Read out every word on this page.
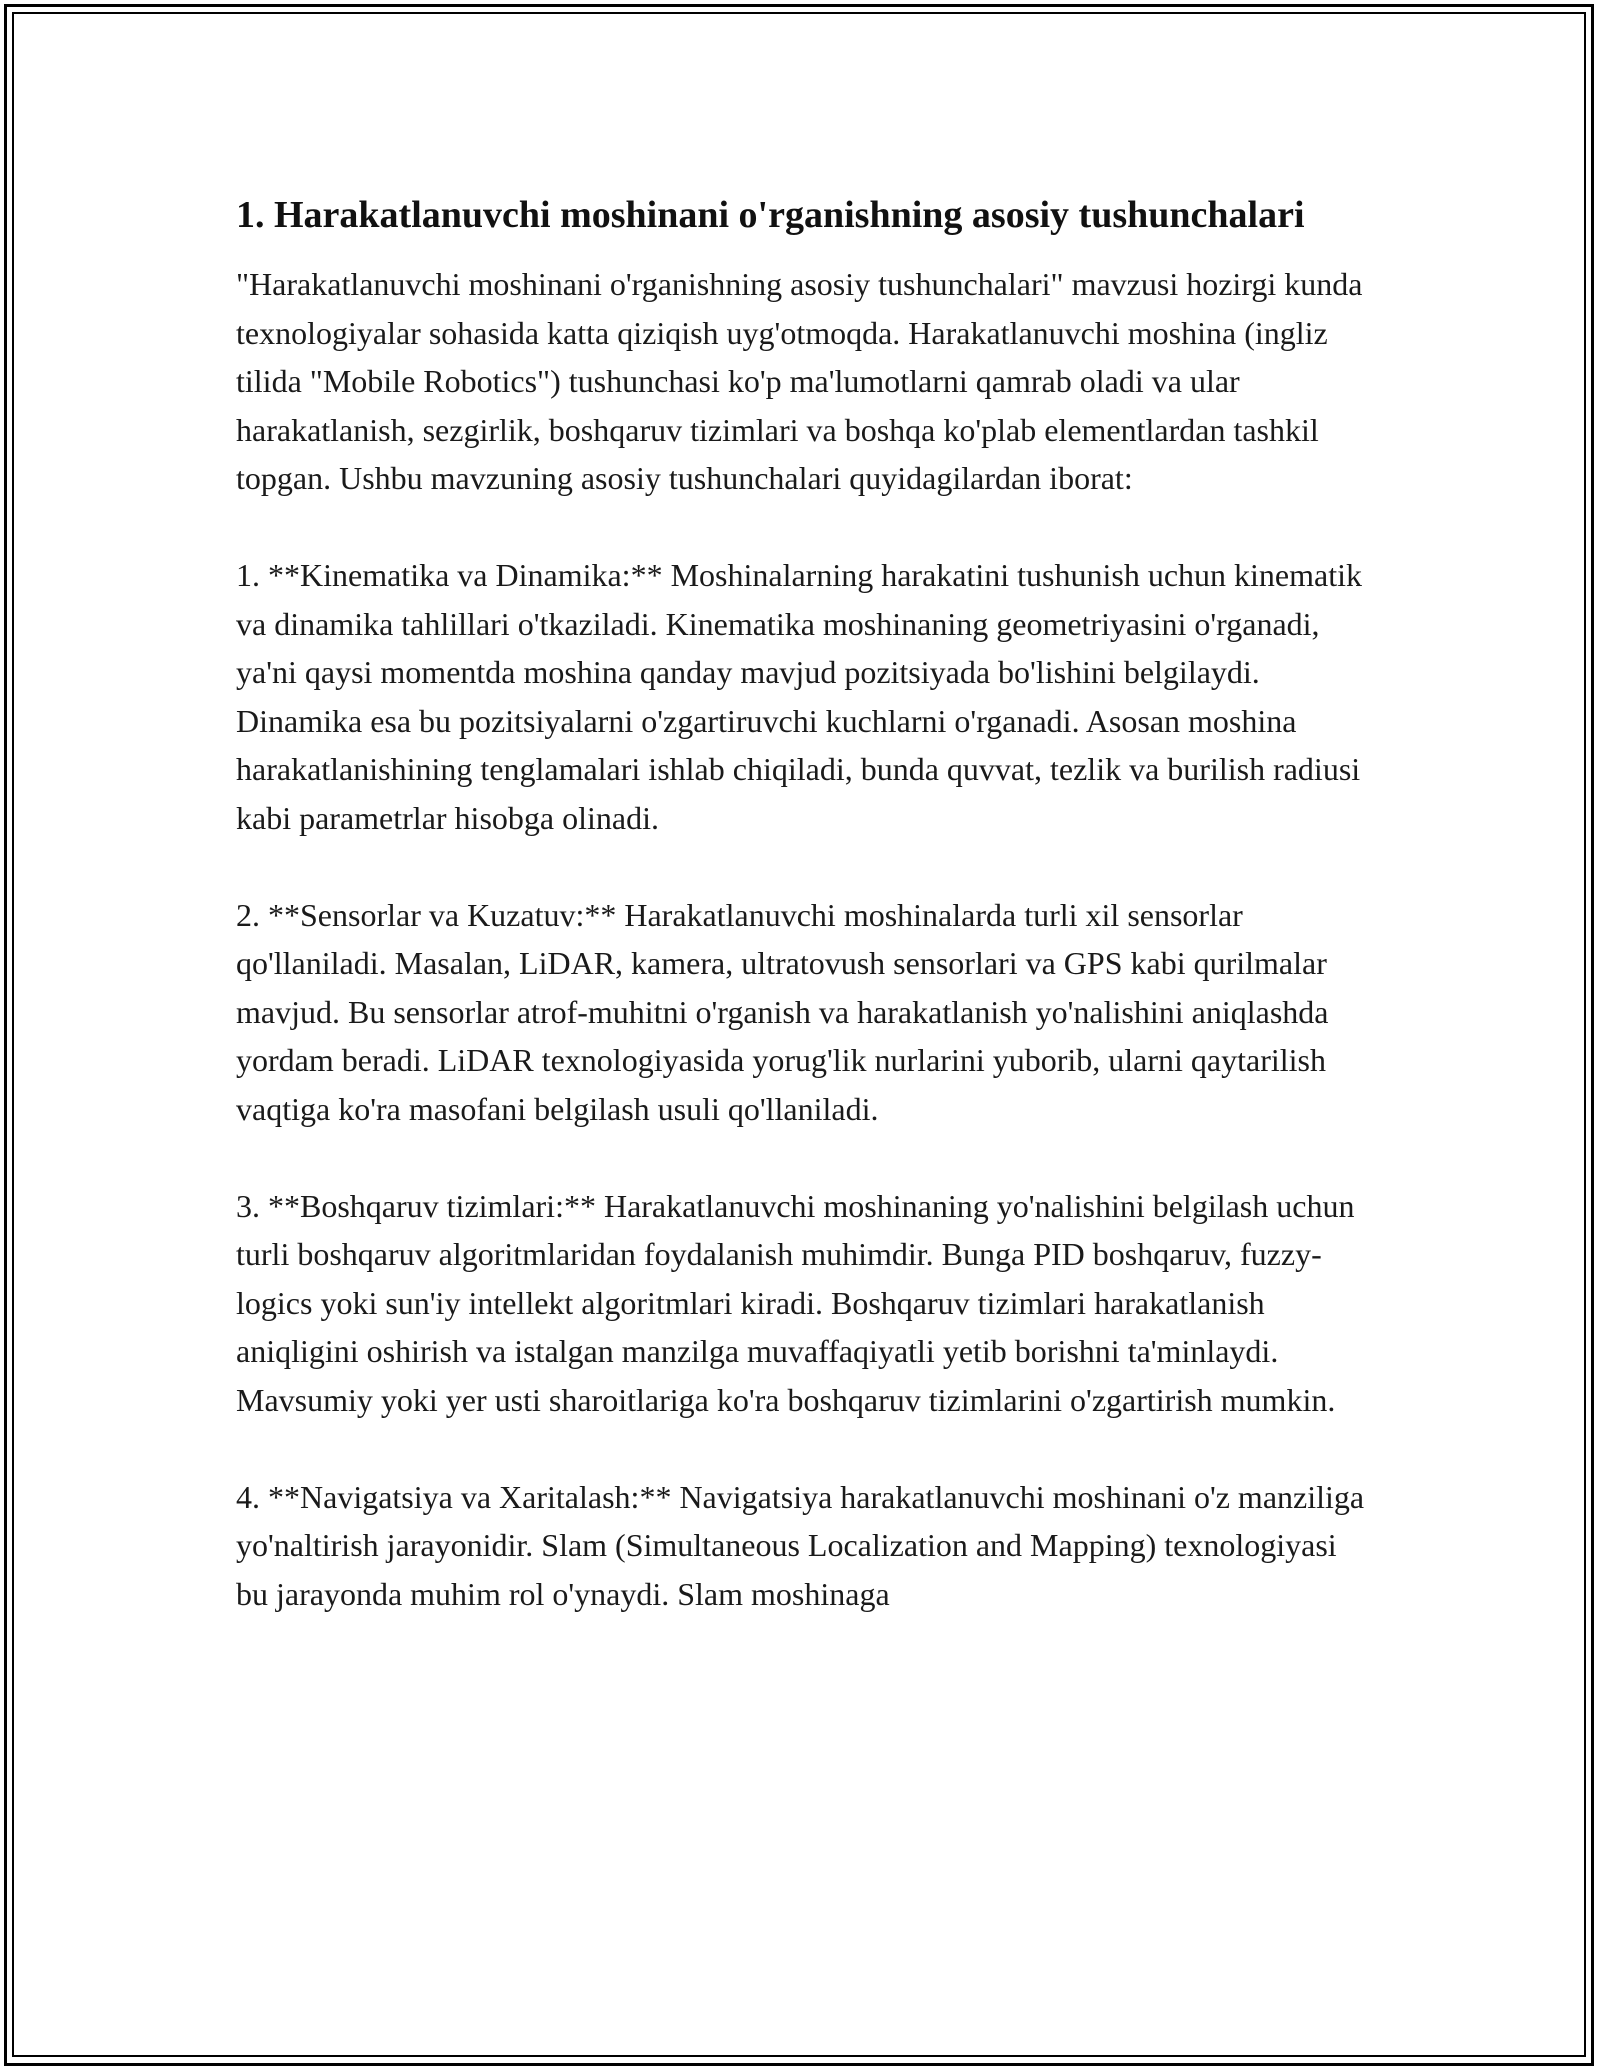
1. Harakatlanuvchi moshinani o'rganishning asosiy tushunchalari

"Harakatlanuvchi moshinani o'rganishning asosiy tushunchalari" mavzusi hozirgi kunda texnologiyalar sohasida katta qiziqish uyg'otmoqda. Harakatlanuvchi moshina (ingliz tilida "Mobile Robotics") tushunchasi ko'p ma'lumotlarni qamrab oladi va ular harakatlanish, sezgirlik, boshqaruv tizimlari va boshqa ko'plab elementlardan tashkil topgan. Ushbu mavzuning asosiy tushunchalari quyidagilardan iborat:

1. **Kinematika va Dinamika:** Moshinalarning harakatini tushunish uchun kinematik va dinamika tahlillari o'tkaziladi. Kinematika moshinaning geometriyasini o'rganadi, ya'ni qaysi momentda moshina qanday mavjud pozitsiyada bo'lishini belgilaydi. Dinamika esa bu pozitsiyalarni o'zgartiruvchi kuchlarni o'rganadi. Asosan moshina harakatlanishining tenglamalari ishlab chiqiladi, bunda quvvat, tezlik va burilish radiusi kabi parametrlar hisobga olinadi.

2. **Sensorlar va Kuzatuv:** Harakatlanuvchi moshinalarda turli xil sensorlar qo'llaniladi. Masalan, LiDAR, kamera, ultratovush sensorlari va GPS kabi qurilmalar mavjud. Bu sensorlar atrof-muhitni o'rganish va harakatlanish yo'nalishini aniqlashda yordam beradi. LiDAR texnologiyasida yorug'lik nurlarini yuborib, ularni qaytarilish vaqtiga ko'ra masofani belgilash usuli qo'llaniladi.

3. **Boshqaruv tizimlari:** Harakatlanuvchi moshinaning yo'nalishini belgilash uchun turli boshqaruv algoritmlaridan foydalanish muhimdir. Bunga PID boshqaruv, fuzzy-logics yoki sun'iy intellekt algoritmlari kiradi. Boshqaruv tizimlari harakatlanish aniqligini oshirish va istalgan manzilga muvaffaqiyatli yetib borishni ta'minlaydi. Mavsumiy yoki yer usti sharoitlariga ko'ra boshqaruv tizimlarini o'zgartirish mumkin.

4. **Navigatsiya va Xaritalash:** Navigatsiya harakatlanuvchi moshinani o'z manziliga yo'naltirish jarayonidir. Slam (Simultaneous Localization and Mapping) texnologiyasi bu jarayonda muhim rol o'ynaydi. Slam moshinaga
